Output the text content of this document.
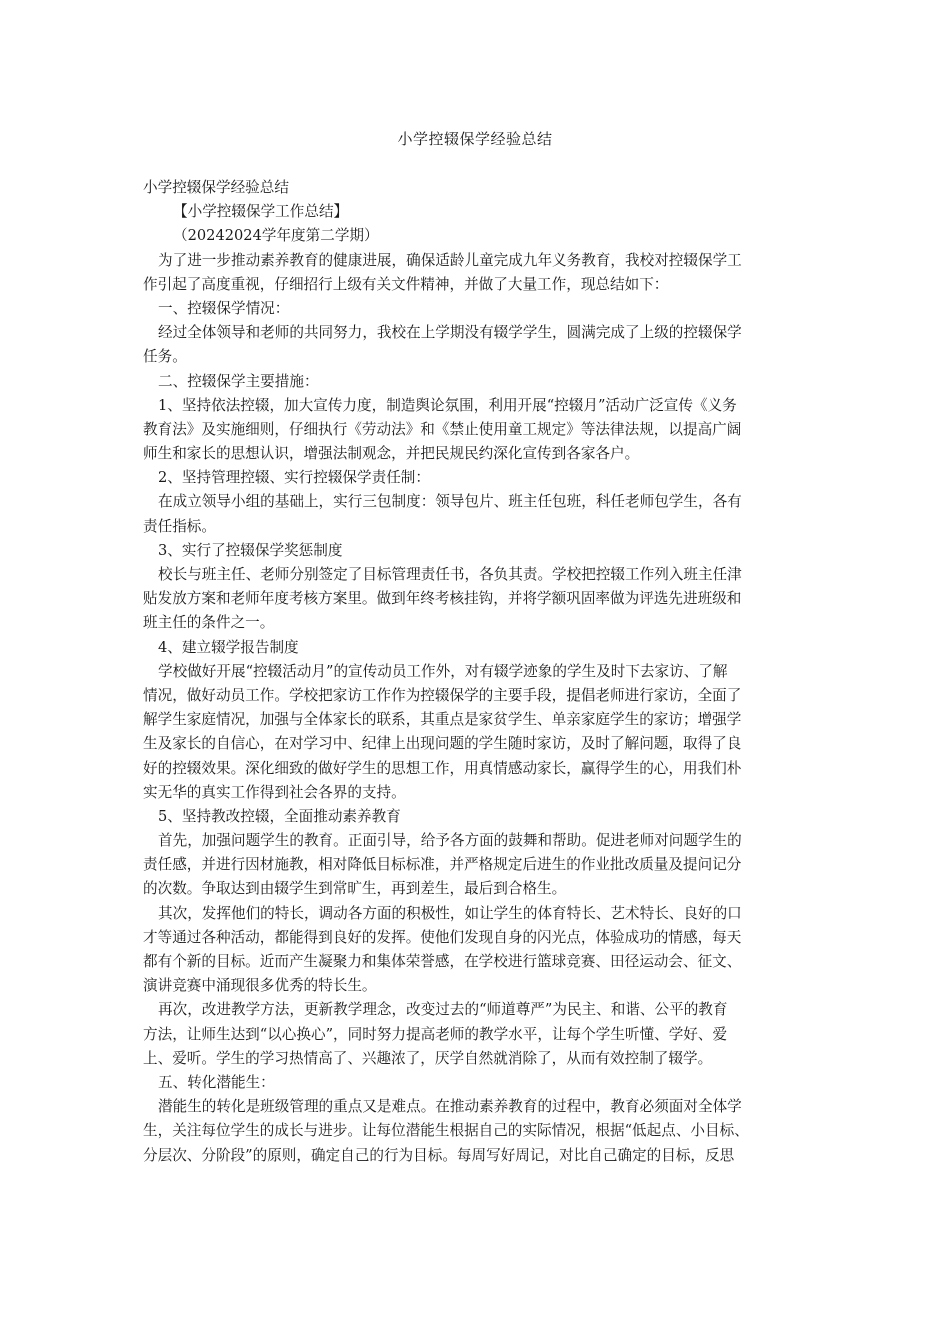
小学控辍保学经验总结
小学控辍保学经验总结
【小学控辍保学工作总结】
（20242024学年度第二学期）
为了进一步推动素养教育的健康进展，确保适龄儿童完成九年义务教育，我校对控辍保学工
作引起了高度重视，仔细招行上级有关文件精神，并做了大量工作，现总结如下：
一、控辍保学情况：
经过全体领导和老师的共同努力，我校在上学期没有辍学学生，圆满完成了上级的控辍保学
任务。
二、控辍保学主要措施：
1、坚持依法控辍，加大宣传力度，制造舆论氛围，利用开展“控辍月”活动广泛宣传《义务
教育法》及实施细则，仔细执行《劳动法》和《禁止使用童工规定》等法律法规，以提高广阔
师生和家长的思想认识，增强法制观念，并把民规民约深化宣传到各家各户。
2、坚持管理控辍、实行控辍保学责任制：
在成立领导小组的基础上，实行三包制度：领导包片、班主任包班，科任老师包学生，各有
责任指标。
3、实行了控辍保学奖惩制度
校长与班主任、老师分别签定了目标管理责任书，各负其责。学校把控辍工作列入班主任津
贴发放方案和老师年度考核方案里。做到年终考核挂钩，并将学额巩固率做为评选先进班级和
班主任的条件之一。
4、建立辍学报告制度
学校做好开展“控辍活动月”的宣传动员工作外，对有辍学迹象的学生及时下去家访、了解
情况，做好动员工作。学校把家访工作作为控辍保学的主要手段，提倡老师进行家访，全面了
解学生家庭情况，加强与全体家长的联系，其重点是家贫学生、单亲家庭学生的家访；增强学
生及家长的自信心，在对学习中、纪律上出现问题的学生随时家访，及时了解问题，取得了良
好的控辍效果。深化细致的做好学生的思想工作，用真情感动家长，赢得学生的心，用我们朴
实无华的真实工作得到社会各界的支持。
5、坚持教改控辍，全面推动素养教育
首先，加强问题学生的教育。正面引导，给予各方面的鼓舞和帮助。促进老师对问题学生的
责任感，并进行因材施教，相对降低目标标准，并严格规定后进生的作业批改质量及提问记分
的次数。争取达到由辍学生到常旷生，再到差生，最后到合格生。
其次，发挥他们的特长，调动各方面的积极性，如让学生的体育特长、艺术特长、良好的口
才等通过各种活动，都能得到良好的发挥。使他们发现自身的闪光点，体验成功的情感，每天
都有个新的目标。近而产生凝聚力和集体荣誉感，在学校进行篮球竞赛、田径运动会、征文、
演讲竞赛中涌现很多优秀的特长生。
再次，改进教学方法，更新教学理念，改变过去的“师道尊严”为民主、和谐、公平的教育
方法，让师生达到“以心换心”，同时努力提高老师的教学水平，让每个学生听懂、学好、爱
上、爱听。学生的学习热情高了、兴趣浓了，厌学自然就消除了，从而有效控制了辍学。
五、转化潜能生：
潜能生的转化是班级管理的重点又是难点。在推动素养教育的过程中，教育必须面对全体学
生，关注每位学生的成长与进步。让每位潜能生根据自己的实际情况，根据“低起点、小目标、
分层次、分阶段”的原则，确定自己的行为目标。每周写好周记，对比自己确定的目标，反思
